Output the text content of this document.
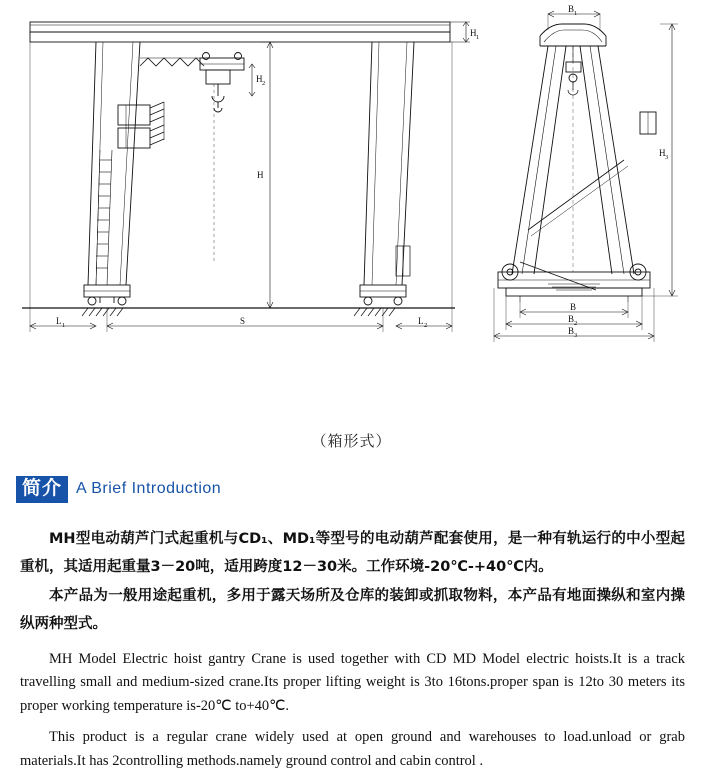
H 1
H 2
H
L 1	L 2
S
B 1
H 3
B
B 2
B 3
（箱形式）
简介 A Brief Introduction

MH型电动葫芦门式起重机与CD₁、MD₁等型号的电动葫芦配套使用，是一种有轨运行的中小型起重机，其适用起重量3－20吨，适用跨度12－30米。工作环境-20℃-+40℃内。

本产品为一般用途起重机，多用于露天场所及仓库的装卸或抓取物料，本产品有地面操纵和室内操纵两种型式。

MH Model Electric hoist gantry Crane is used together with CD MD Model electric hoists.It is a track travelling small and medium-sized crane.Its proper lifting weight is 3to 16tons.proper span is 12to 30 meters its proper working temperature is-20℃ to+40℃.

This product is a regular crane widely used at open ground and warehouses to load.unload or grab materials.It has 2controlling methods.namely ground control and cabin control .
